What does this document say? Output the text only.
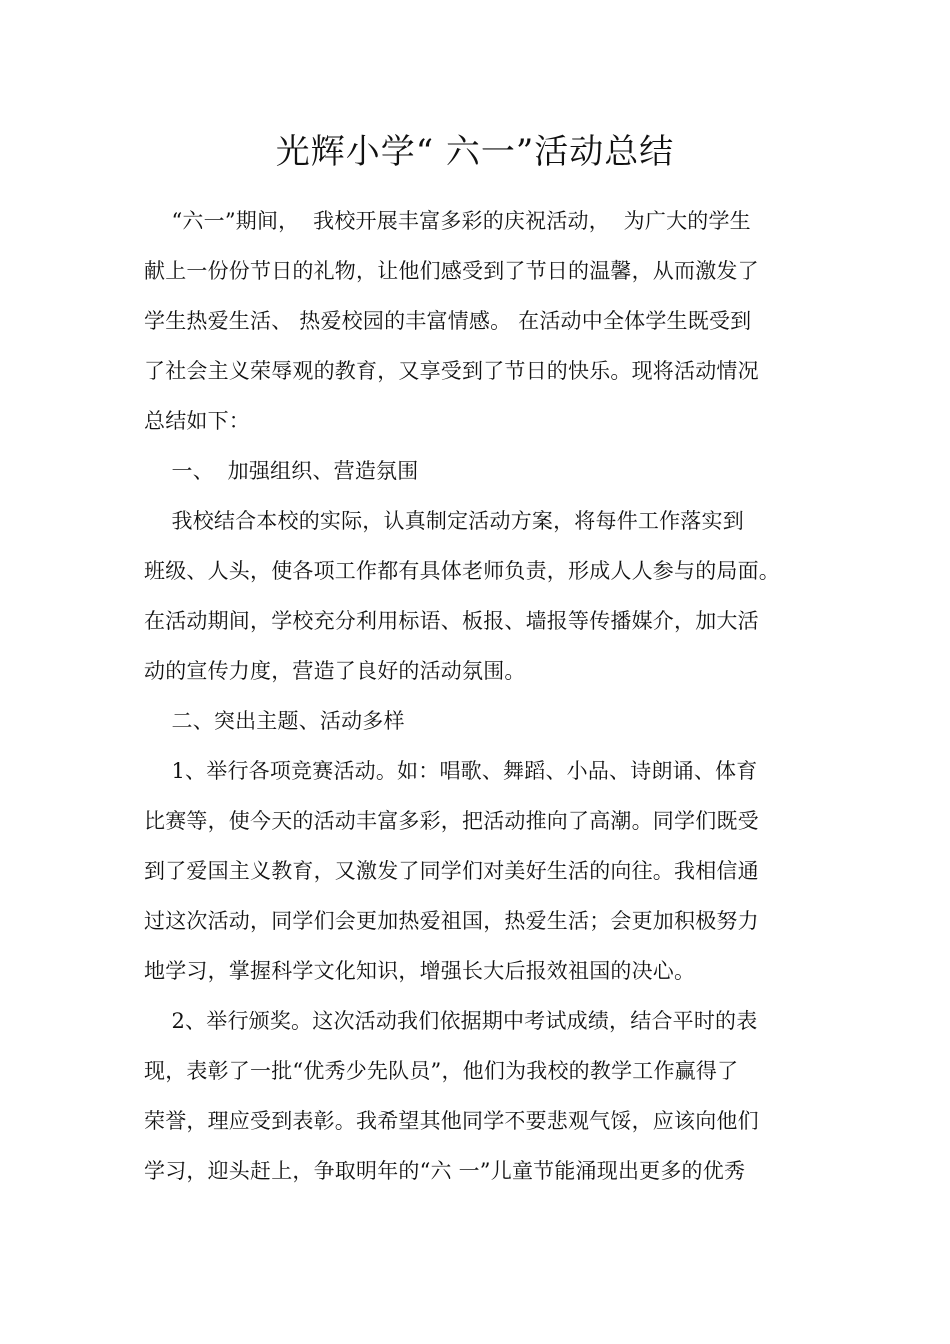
光辉小学“ 六一”活动总结
“六一”期间，  我校开展丰富多彩的庆祝活动，  为广大的学生
献上一份份节日的礼物，让他们感受到了节日的温馨，从而激发了
学生热爱生活、 热爱校园的丰富情感。 在活动中全体学生既受到
了社会主义荣辱观的教育，又享受到了节日的快乐。现将活动情况
总结如下：
一、  加强组织、营造氛围
我校结合本校的实际，认真制定活动方案，将每件工作落实到
班级、人头，使各项工作都有具体老师负责，形成人人参与的局面。
在活动期间，学校充分利用标语、板报、墙报等传播媒介，加大活
动的宣传力度，营造了良好的活动氛围。
二、突出主题、活动多样
1、举行各项竞赛活动。如：唱歌、舞蹈、小品、诗朗诵、体育
比赛等，使今天的活动丰富多彩，把活动推向了高潮。同学们既受
到了爱国主义教育，又激发了同学们对美好生活的向往。我相信通
过这次活动，同学们会更加热爱祖国，热爱生活；会更加积极努力
地学习，掌握科学文化知识，增强长大后报效祖国的决心。
2、举行颁奖。这次活动我们依据期中考试成绩，结合平时的表
现，表彰了一批“优秀少先队员”，他们为我校的教学工作赢得了
荣誉，理应受到表彰。我希望其他同学不要悲观气馁，应该向他们
学习，迎头赶上，争取明年的“六 一”儿童节能涌现出更多的优秀
